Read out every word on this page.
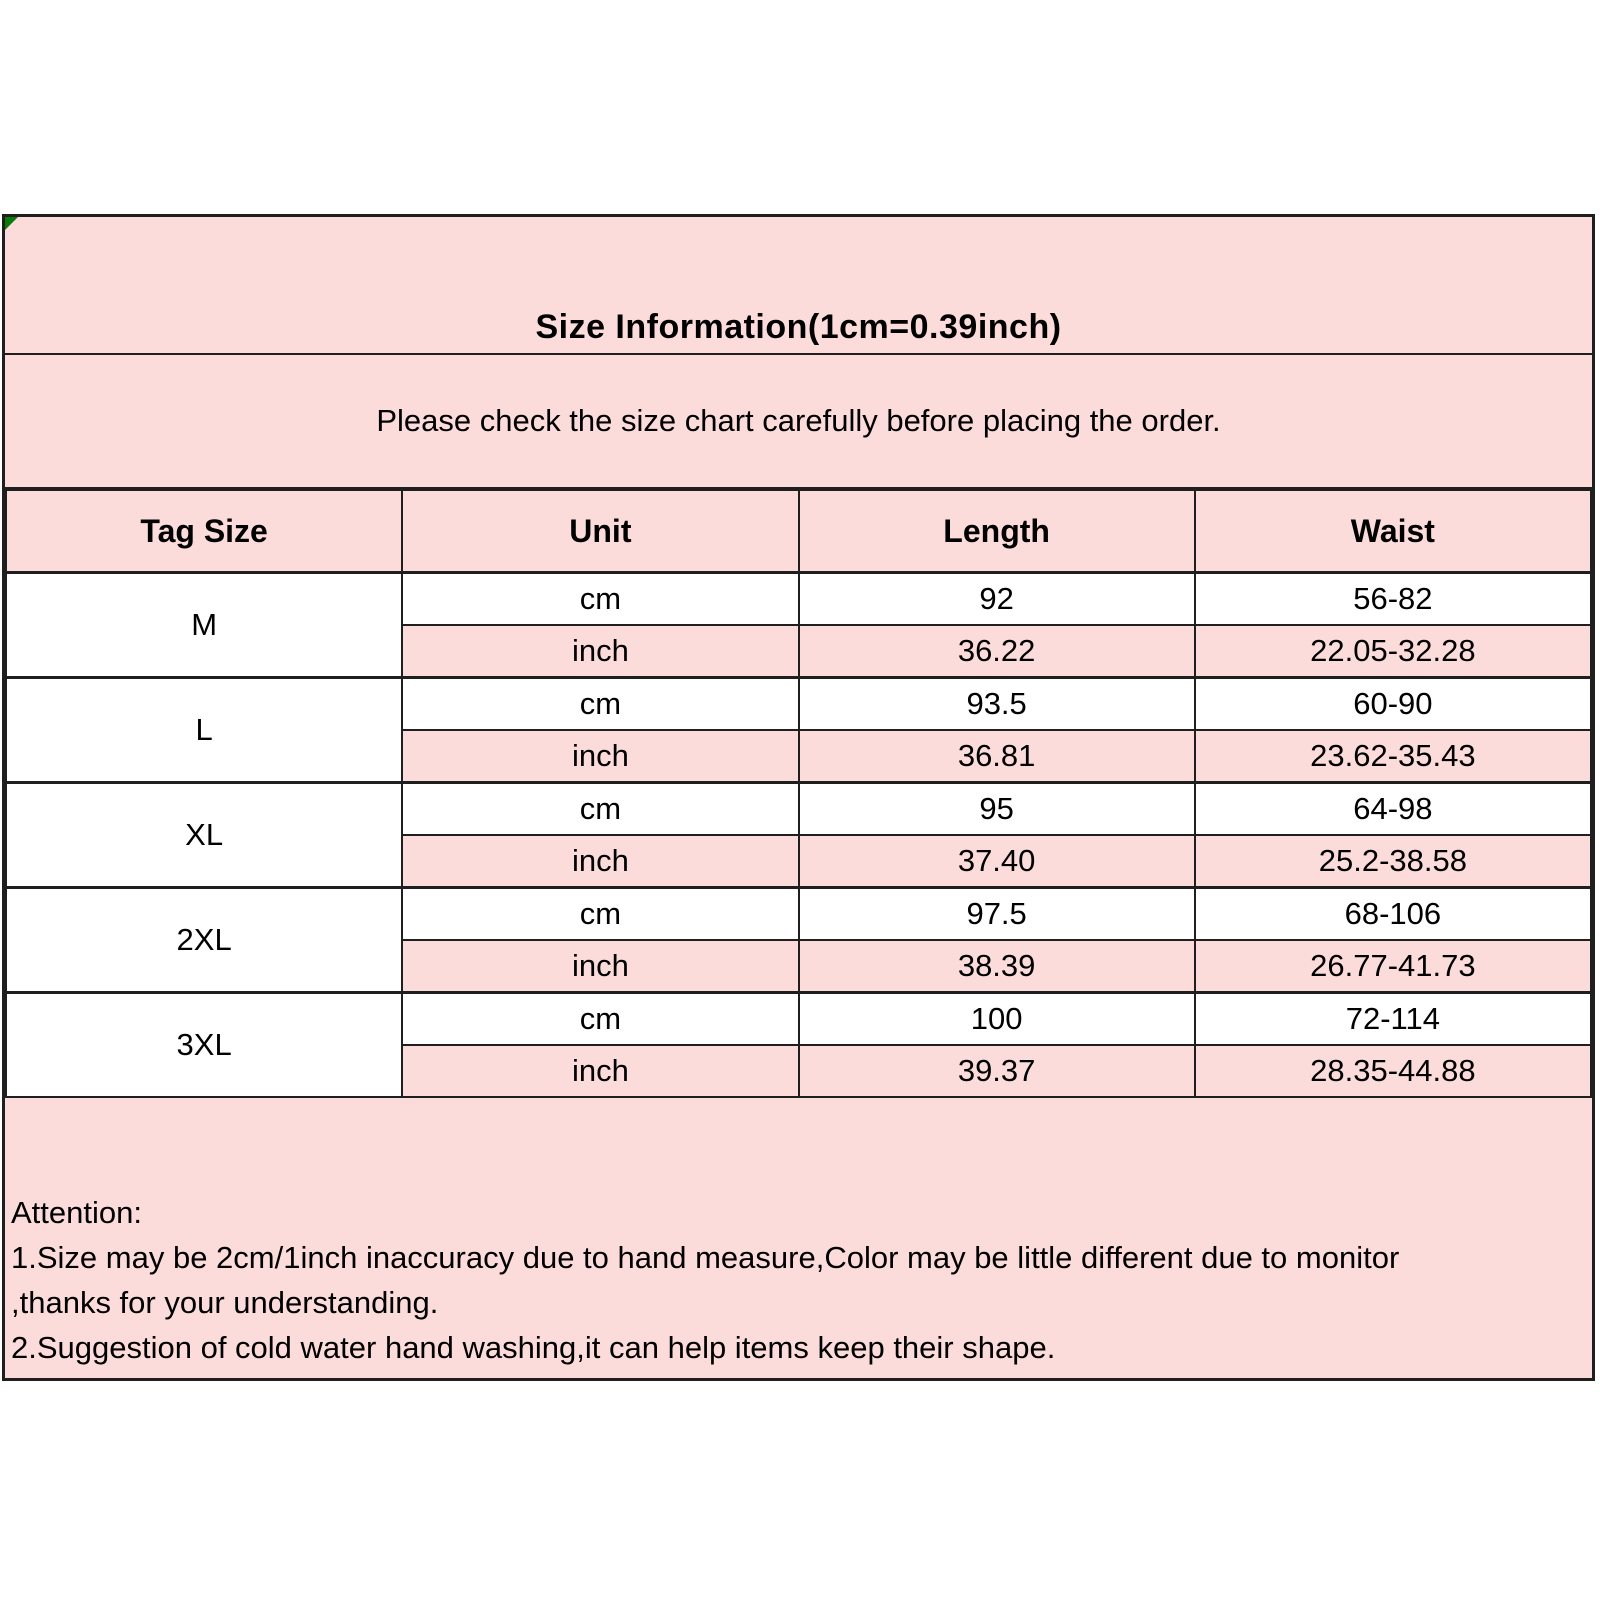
Size Information(1cm=0.39inch)
Please check the size chart carefully before placing the order.
Tag Size	Unit	Length	Waist
M	cm	92	56-82
	inch	36.22	22.05-32.28
L	cm	93.5	60-90
	inch	36.81	23.62-35.43
XL	cm	95	64-98
	inch	37.40	25.2-38.58
2XL	cm	97.5	68-106
	inch	38.39	26.77-41.73
3XL	cm	100	72-114
	inch	39.37	28.35-44.88
Attention:
1.Size may be 2cm/1inch inaccuracy due to hand measure,Color may be little different due to monitor
,thanks for your understanding.
2.Suggestion of cold water hand washing,it can help items keep their shape.
